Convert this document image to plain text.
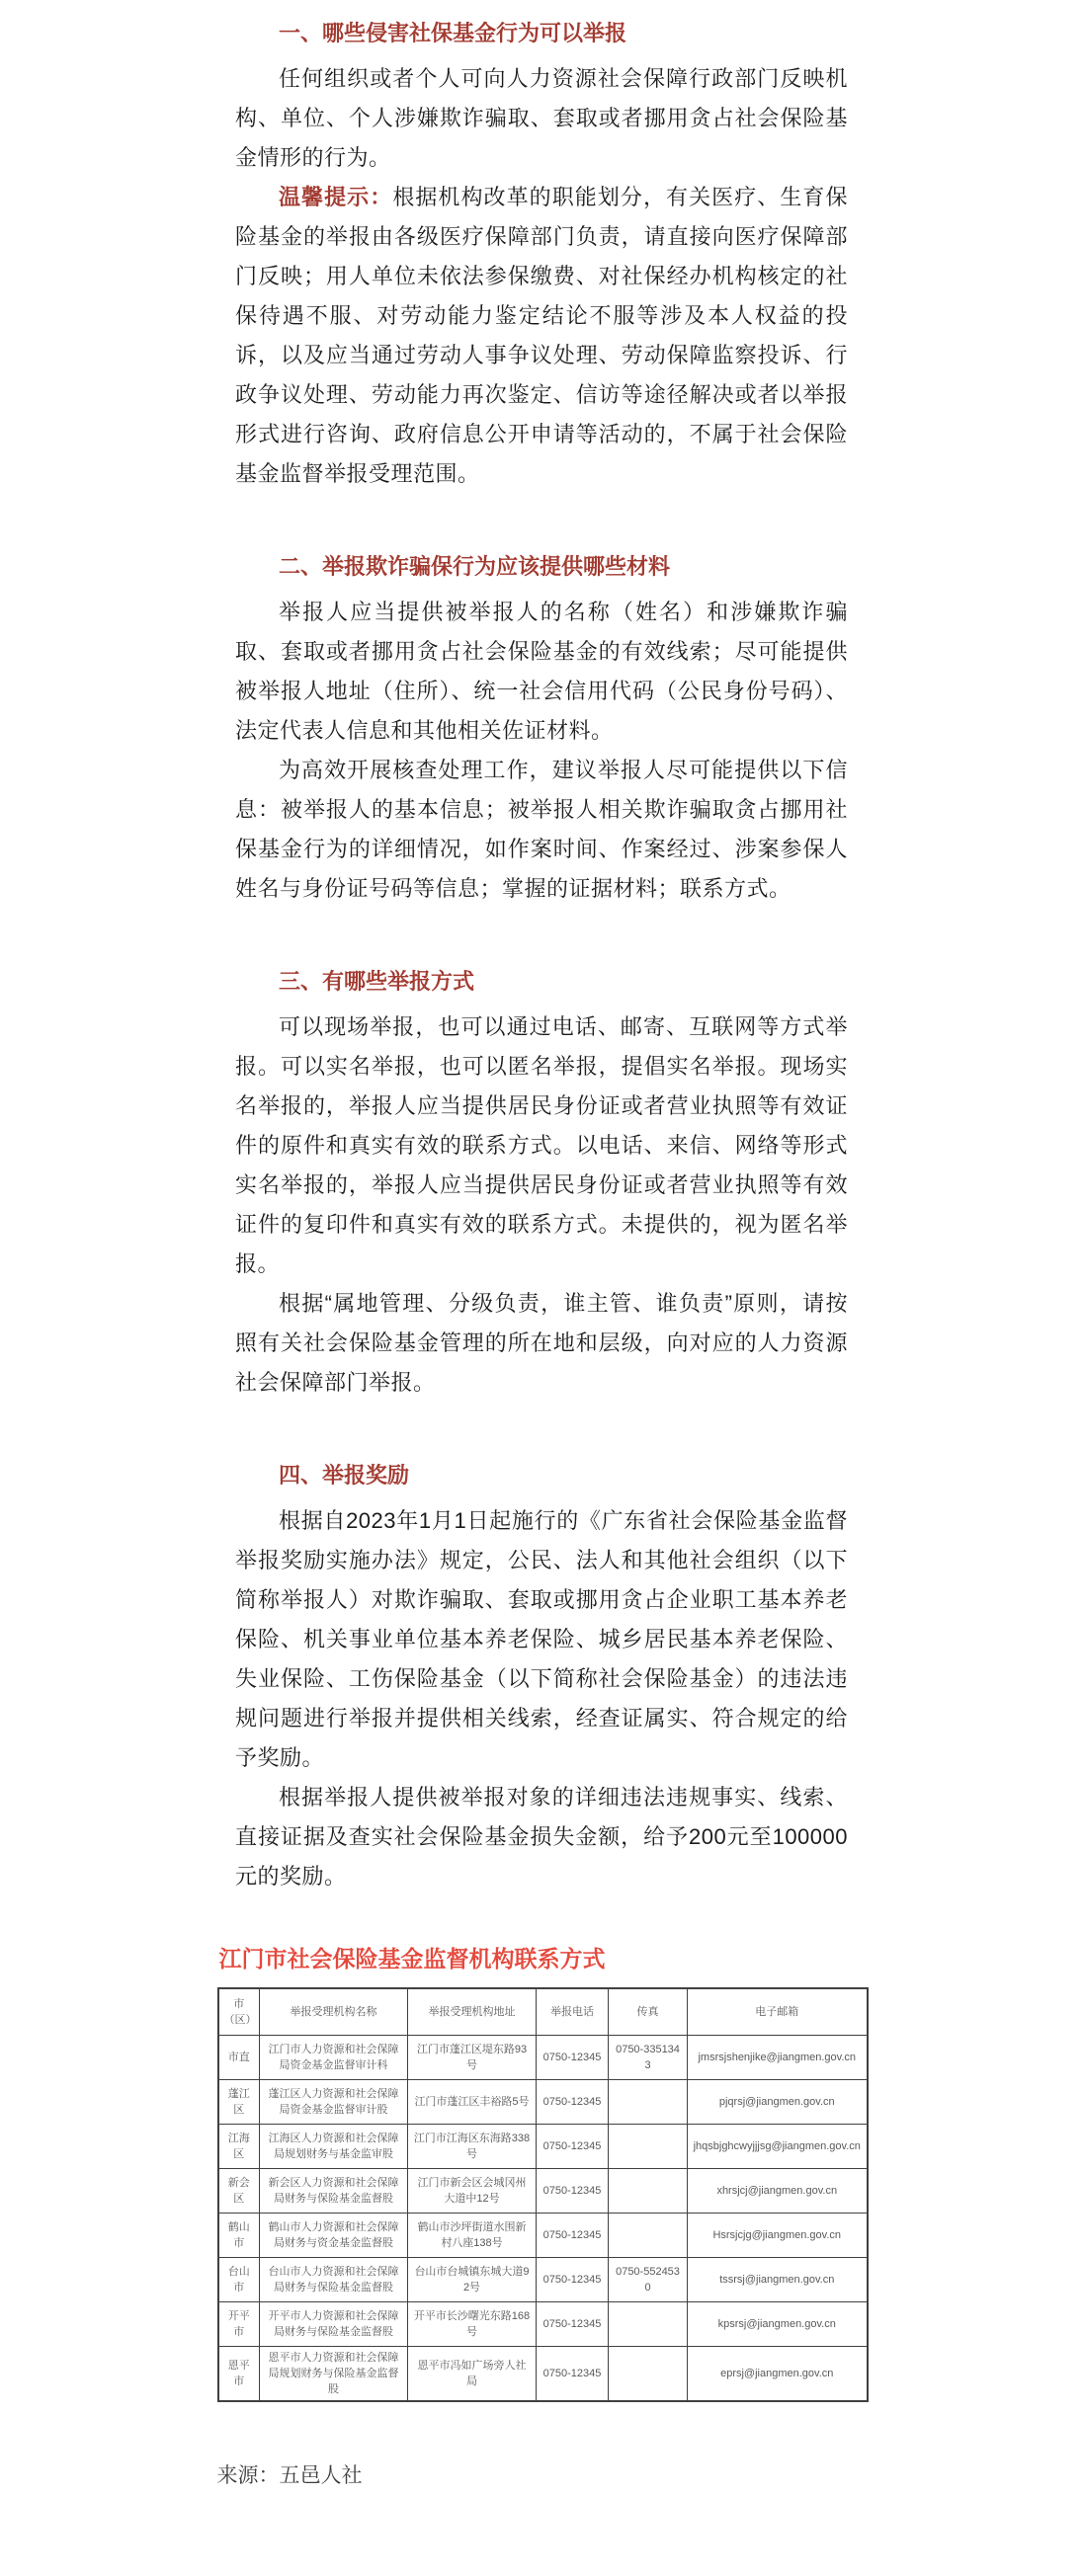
一、哪些侵害社保基金行为可以举报

任何组织或者个人可向人力资源社会保障行政部门反映机构、单位、个人涉嫌欺诈骗取、套取或者挪用贪占社会保险基金情形的行为。

温馨提示：根据机构改革的职能划分，有关医疗、生育保险基金的举报由各级医疗保障部门负责，请直接向医疗保障部门反映；用人单位未依法参保缴费、对社保经办机构核定的社保待遇不服、对劳动能力鉴定结论不服等涉及本人权益的投诉，以及应当通过劳动人事争议处理、劳动保障监察投诉、行政争议处理、劳动能力再次鉴定、信访等途径解决或者以举报形式进行咨询、政府信息公开申请等活动的，不属于社会保险基金监督举报受理范围。

二、举报欺诈骗保行为应该提供哪些材料

举报人应当提供被举报人的名称（姓名）和涉嫌欺诈骗取、套取或者挪用贪占社会保险基金的有效线索；尽可能提供被举报人地址（住所）、统一社会信用代码（公民身份号码）、法定代表人信息和其他相关佐证材料。

为高效开展核查处理工作，建议举报人尽可能提供以下信息：被举报人的基本信息；被举报人相关欺诈骗取贪占挪用社保基金行为的详细情况，如作案时间、作案经过、涉案参保人姓名与身份证号码等信息；掌握的证据材料；联系方式。

三、有哪些举报方式

可以现场举报，也可以通过电话、邮寄、互联网等方式举报。可以实名举报，也可以匿名举报，提倡实名举报。现场实名举报的，举报人应当提供居民身份证或者营业执照等有效证件的原件和真实有效的联系方式。以电话、来信、网络等形式实名举报的，举报人应当提供居民身份证或者营业执照等有效证件的复印件和真实有效的联系方式。未提供的，视为匿名举报。

根据“属地管理、分级负责，谁主管、谁负责”原则，请按照有关社会保险基金管理的所在地和层级，向对应的人力资源社会保障部门举报。

四、举报奖励

根据自2023年1月1日起施行的《广东省社会保险基金监督举报奖励实施办法》规定，公民、法人和其他社会组织（以下简称举报人）对欺诈骗取、套取或挪用贪占企业职工基本养老保险、机关事业单位基本养老保险、城乡居民基本养老保险、失业保险、工伤保险基金（以下简称社会保险基金）的违法违规问题进行举报并提供相关线索，经查证属实、符合规定的给予奖励。

根据举报人提供被举报对象的详细违法违规事实、线索、直接证据及查实社会保险基金损失金额，给予200元至100000元的奖励。

江门市社会保险基金监督机构联系方式
市（区）	举报受理机构名称	举报受理机构地址	举报电话	传真	电子邮箱
市直	江门市人力资源和社会保障局资金基金监督审计科	江门市蓬江区堤东路93号	0750-12345	0750-3351343	jmsrsjshenjike@jiangmen.gov.cn
蓬江区	蓬江区人力资源和社会保障局资金基金监督审计股	江门市蓬江区丰裕路5号	0750-12345		pjqrsj@jiangmen.gov.cn
江海区	江海区人力资源和社会保障局规划财务与基金监审股	江门市江海区东海路338号	0750-12345		jhqsbjghcwyjjjsg@jiangmen.gov.cn
新会区	新会区人力资源和社会保障局财务与保险基金监督股	江门市新会区会城冈州大道中12号	0750-12345		xhrsjcj@jiangmen.gov.cn
鹤山市	鹤山市人力资源和社会保障局财务与资金基金监督股	鹤山市沙坪街道水围新村八座138号	0750-12345		Hsrsjcjg@jiangmen.gov.cn
台山市	台山市人力资源和社会保障局财务与保险基金监督股	台山市台城镇东城大道92号	0750-12345	0750-5524530	tssrsj@jiangmen.gov.cn
开平市	开平市人力资源和社会保障局财务与保险基金监督股	开平市长沙曙光东路168号	0750-12345		kpsrsj@jiangmen.gov.cn
恩平市	恩平市人力资源和社会保障局规划财务与保险基金监督股	恩平市冯如广场旁人社局	0750-12345		eprsj@jiangmen.gov.cn

来源：五邑人社
